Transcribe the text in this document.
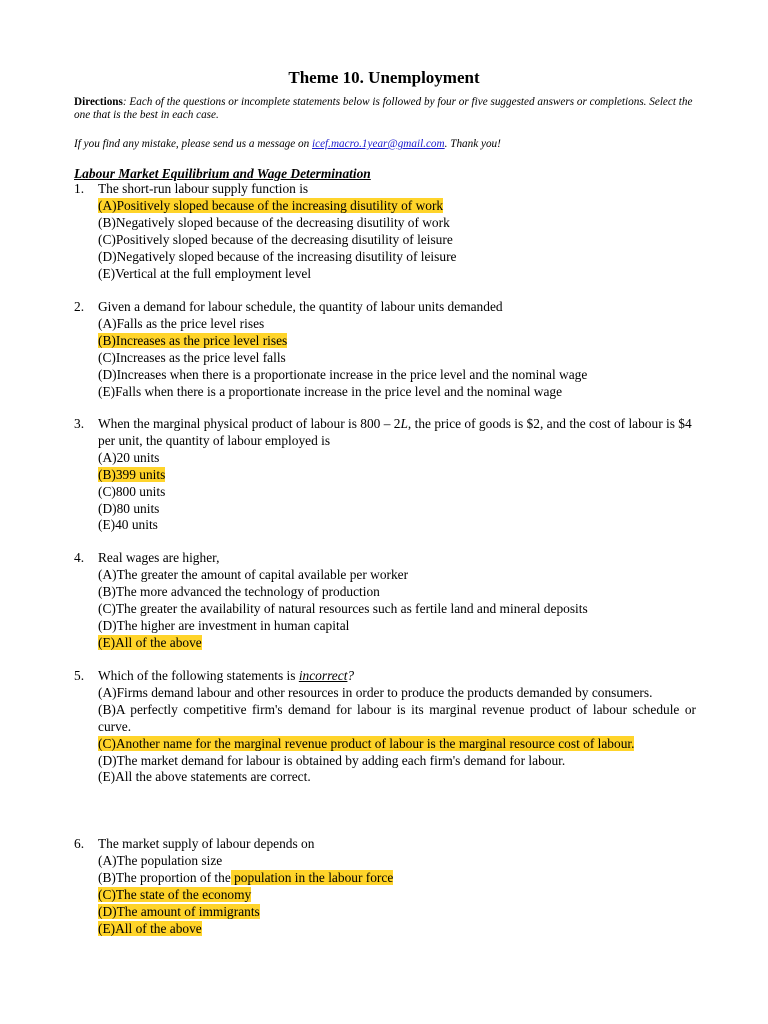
Theme 10. Unemployment
Directions: Each of the questions or incomplete statements below is followed by four or five suggested answers or completions. Select the one that is the best in each case.
If you find any mistake, please send us a message on icef.macro.1year@gmail.com. Thank you!
Labour Market Equilibrium and Wage Determination
1.	The short-run labour supply function is
(A)Positively sloped because of the increasing disutility of work
(B)Negatively sloped because of the decreasing disutility of work
(C)Positively sloped because of the decreasing disutility of leisure
(D)Negatively sloped because of the increasing disutility of leisure
(E)Vertical at the full employment level
2.	Given a demand for labour schedule, the quantity of labour units demanded
(A)Falls as the price level rises
(B)Increases as the price level rises
(C)Increases as the price level falls
(D)Increases when there is a proportionate increase in the price level and the nominal wage
(E)Falls when there is a proportionate increase in the price level and the nominal wage
3.	When the marginal physical product of labour is 800 – 2L, the price of goods is $2, and the cost of labour is $4 per unit, the quantity of labour employed is
(A)20 units
(B)399 units
(C)800 units
(D)80 units
(E)40 units
4.	Real wages are higher,
(A)The greater the amount of capital available per worker
(B)The more advanced the technology of production
(C)The greater the availability of natural resources such as fertile land and mineral deposits
(D)The higher are investment in human capital
(E)All of the above
5.	Which of the following statements is incorrect?
(A)Firms demand labour and other resources in order to produce the products demanded by consumers.
(B)A perfectly competitive firm's demand for labour is its marginal revenue product of labour schedule or curve.
(C)Another name for the marginal revenue product of labour is the marginal resource cost of labour.
(D)The market demand for labour is obtained by adding each firm's demand for labour.
(E)All the above statements are correct.
6.	The market supply of labour depends on
(A)The population size
(B)The proportion of the population in the labour force
(C)The state of the economy
(D)The amount of immigrants
(E)All of the above
